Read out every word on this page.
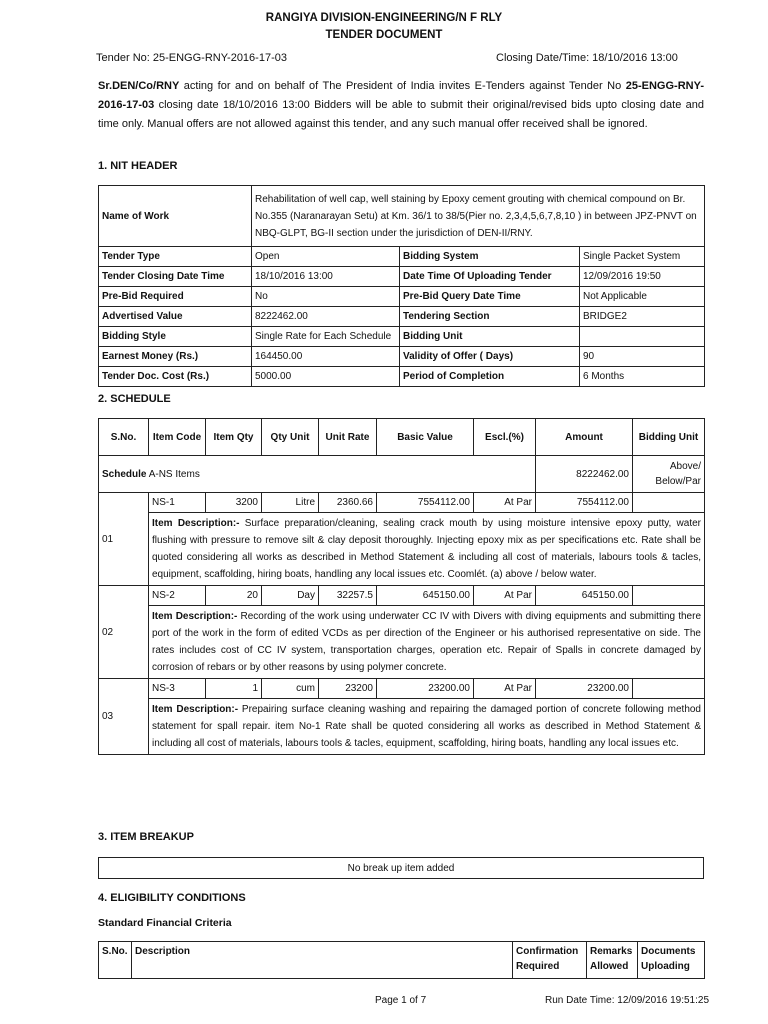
RANGIYA DIVISION-ENGINEERING/N F RLY
TENDER DOCUMENT
Tender No: 25-ENGG-RNY-2016-17-03	Closing Date/Time: 18/10/2016 13:00
Sr.DEN/Co/RNY acting for and on behalf of The President of India invites E-Tenders against Tender No 25-ENGG-RNY-2016-17-03 closing date 18/10/2016 13:00 Bidders will be able to submit their original/revised bids upto closing date and time only. Manual offers are not allowed against this tender, and any such manual offer received shall be ignored.
1. NIT HEADER
Name of Work	Rehabilitation of well cap, well staining by Epoxy cement grouting with chemical compound on Br. No.355 (Naranarayan Setu) at Km. 36/1 to 38/5(Pier no. 2,3,4,5,6,7,8,10 ) in between JPZ-PNVT on NBQ-GLPT, BG-II section under the jurisdiction of DEN-II/RNY.		
Tender Type	Open	Bidding System	Single Packet System
Tender Closing Date Time	18/10/2016 13:00	Date Time Of Uploading Tender	12/09/2016 19:50
Pre-Bid Required	No	Pre-Bid Query Date Time	Not Applicable
Advertised Value	8222462.00	Tendering Section	BRIDGE2
Bidding Style	Single Rate for Each Schedule	Bidding Unit	
Earnest Money (Rs.)	164450.00	Validity of Offer ( Days)	90
Tender Doc. Cost (Rs.)	5000.00	Period of Completion	6 Months
2. SCHEDULE
S.No.	Item Code	Item Qty	Qty Unit	Unit Rate	Basic Value	Escl.(%)	Amount	Bidding Unit
Schedule A-NS Items							8222462.00	Above/ Below/Par
01	NS-1	3200	Litre	2360.66	7554112.00	At Par	7554112.00	
	Item Description:- Surface preparation/cleaning, sealing crack mouth by using moisture intensive epoxy putty, water flushing with pressure to remove silt & clay deposit thoroughly. Injecting epoxy mix as per specifications etc. Rate shall be quoted considering all works as described in Method Statement & including all cost of materials, labours tools & tacles, equipment, scaffolding, hiring boats, handling any local issues etc. Coomlét. (a) above / below water.							
02	NS-2	20	Day	32257.5	645150.00	At Par	645150.00	
	Item Description:- Recording of the work using underwater CC IV with Divers with diving equipments and submitting there port of the work in the form of edited VCDs as per direction of the Engineer or his authorised representative on side. The rates includes cost of CC IV system, transportation charges, operation etc. Repair of Spalls in concrete damaged by corrosion of rebars or by other reasons by using polymer concrete.							
03	NS-3	1	cum	23200	23200.00	At Par	23200.00	
	Item Description:- Prepairing surface cleaning washing and repairing the damaged portion of concrete following method statement for spall repair. item No-1 Rate shall be quoted considering all works as described in Method Statement & including all cost of materials, labours tools & tacles, equipment, scaffolding, hiring boats, handling any local issues etc.							
3. ITEM BREAKUP
No break up item added
4. ELIGIBILITY CONDITIONS
Standard Financial Criteria
S.No.	Description	Confirmation Required	Remarks Allowed	Documents Uploading
Page 1 of 7	Run Date Time: 12/09/2016 19:51:25
